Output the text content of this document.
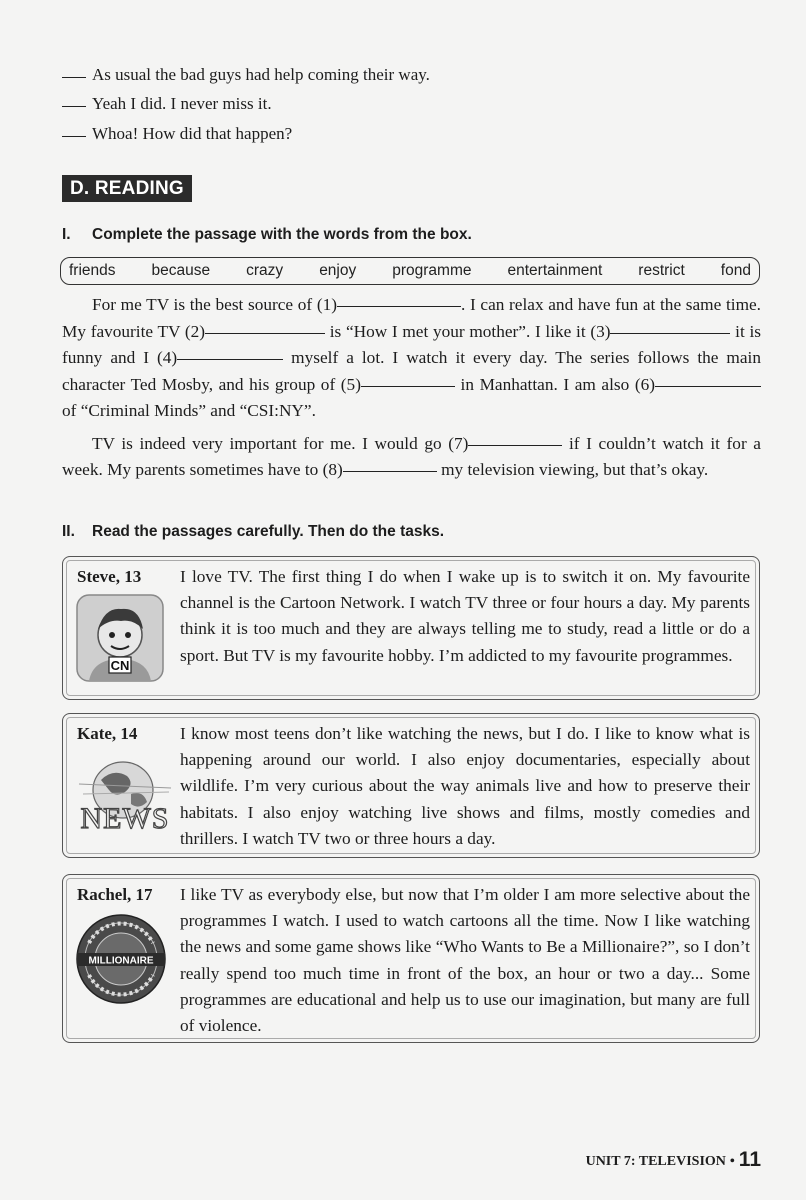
As usual the bad guys had help coming their way.
Yeah I did. I never miss it.
Whoa! How did that happen?
D. READING
I. Complete the passage with the words from the box.
friends because crazy enjoy programme entertainment restrict fond

For me TV is the best source of (1)	. I can relax and have fun at the same time. My favourite TV (2)	is “How I met your mother”. I like it (3)	it is funny and I (4)	myself a lot. I watch it every day. The series follows the main character Ted Mosby, and his group of (5)	in Manhattan. I am also (6) of “Criminal Minds” and “CSI:NY”.

TV is indeed very important for me. I would go (7)	if I couldn’t watch it for a week. My parents sometimes have to (8)	my television viewing, but that’s okay.

II. Read the passages carefully. Then do the tasks.
Steve, 13
CN
I love TV. The first thing I do when I wake up is to switch it on. My favourite channel is the Cartoon Network. I watch TV three or four hours a day. My parents think it is too much and they are always telling me to study, read a little or do a sport. But TV is my favourite hobby. I’m addicted to my favourite programmes.
Kate, 14
NEWS
I know most teens don’t like watching the news, but I do. I like to know what is happening around our world. I also enjoy documentaries, especially about wildlife. I’m very curious about the way animals live and how to preserve their habitats. I also enjoy watching live shows and films, mostly comedies and thrillers. I watch TV two or three hours a day.
Rachel, 17
MILLIONAIRE
I like TV as everybody else, but now that I’m older I am more selective about the programmes I watch. I used to watch cartoons all the time. Now I like watching the news and some game shows like “Who Wants to Be a Millionaire?”, so I don’t really spend too much time in front of the box, an hour or two a day... Some programmes are educational and help us to use our imagination, but many are full of violence.
UNIT 7: TELEVISION • 11
